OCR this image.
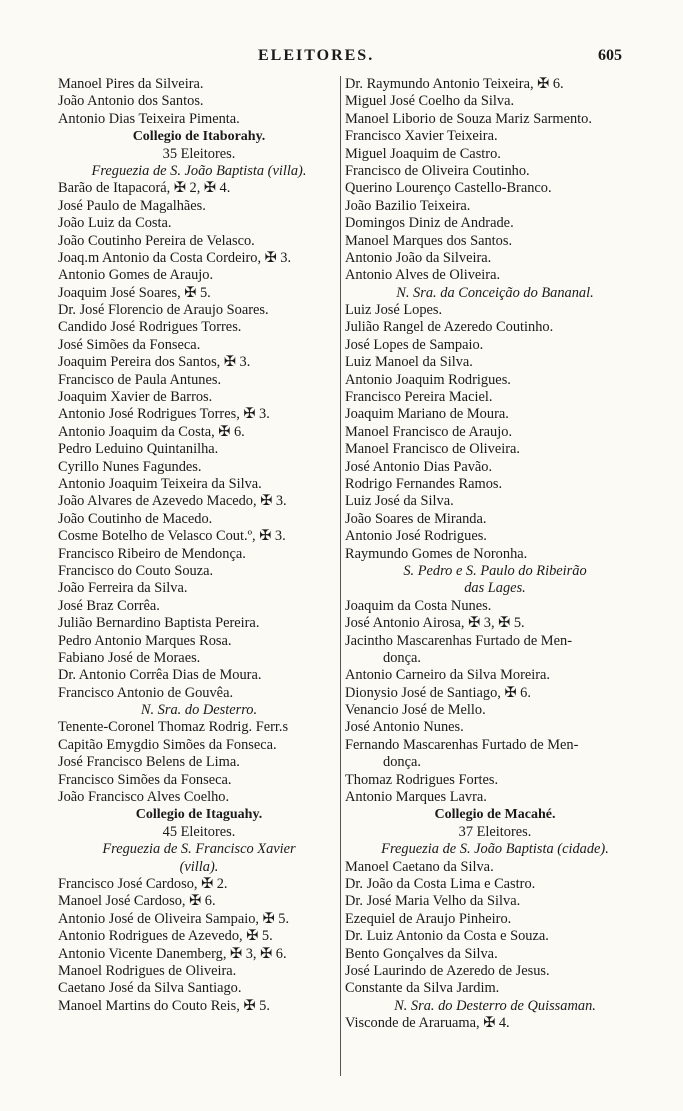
ELEITORES.	605
Manoel Pires da Silveira.
João Antonio dos Santos.
Antonio Dias Teixeira Pimenta.
Collegio de Itaborahy.
35 Eleitores.
Freguezia de S. João Baptista (villa).
Barão de Itapacorá, ✠ 2, ✠ 4.
José Paulo de Magalhães.
João Luiz da Costa.
João Coutinho Pereira de Velasco.
Joaq.m Antonio da Costa Cordeiro, ✠ 3.
Antonio Gomes de Araujo.
Joaquim José Soares, ✠ 5.
Dr. José Florencio de Araujo Soares.
Candido José Rodrigues Torres.
José Simões da Fonseca.
Joaquim Pereira dos Santos, ✠ 3.
Francisco de Paula Antunes.
Joaquim Xavier de Barros.
Antonio José Rodrigues Torres, ✠ 3.
Antonio Joaquim da Costa, ✠ 6.
Pedro Leduino Quintanilha.
Cyrillo Nunes Fagundes.
Antonio Joaquim Teixeira da Silva.
João Alvares de Azevedo Macedo, ✠ 3.
João Coutinho de Macedo.
Cosme Botelho de Velasco Cout.º, ✠ 3.
Francisco Ribeiro de Mendonça.
Francisco do Couto Souza.
João Ferreira da Silva.
José Braz Corrêa.
Julião Bernardino Baptista Pereira.
Pedro Antonio Marques Rosa.
Fabiano José de Moraes.
Dr. Antonio Corrêa Dias de Moura.
Francisco Antonio de Gouvêa.
N. Sra. do Desterro.
Tenente-Coronel Thomaz Rodrig. Ferr.s
Capitão Emygdio Simões da Fonseca.
José Francisco Belens de Lima.
Francisco Simões da Fonseca.
João Francisco Alves Coelho.
Collegio de Itaguahy.
45 Eleitores.
Freguezia de S. Francisco Xavier
(villa).
Francisco José Cardoso, ✠ 2.
Manoel José Cardoso, ✠ 6.
Antonio José de Oliveira Sampaio, ✠ 5.
Antonio Rodrigues de Azevedo, ✠ 5.
Antonio Vicente Danemberg, ✠ 3, ✠ 6.
Manoel Rodrigues de Oliveira.
Caetano José da Silva Santiago.
Manoel Martins do Couto Reis, ✠ 5.
Dr. Raymundo Antonio Teixeira, ✠ 6.
Miguel José Coelho da Silva.
Manoel Liborio de Souza Mariz Sarmento.
Francisco Xavier Teixeira.
Miguel Joaquim de Castro.
Francisco de Oliveira Coutinho.
Querino Lourenço Castello-Branco.
João Bazilio Teixeira.
Domingos Diniz de Andrade.
Manoel Marques dos Santos.
Antonio João da Silveira.
Antonio Alves de Oliveira.
N. Sra. da Conceição do Bananal.
Luiz José Lopes.
Julião Rangel de Azeredo Coutinho.
José Lopes de Sampaio.
Luiz Manoel da Silva.
Antonio Joaquim Rodrigues.
Francisco Pereira Maciel.
Joaquim Mariano de Moura.
Manoel Francisco de Araujo.
Manoel Francisco de Oliveira.
José Antonio Dias Pavão.
Rodrigo Fernandes Ramos.
Luiz José da Silva.
João Soares de Miranda.
Antonio José Rodrigues.
Raymundo Gomes de Noronha.
S. Pedro e S. Paulo do Ribeirão
das Lages.
Joaquim da Costa Nunes.
José Antonio Airosa, ✠ 3, ✠ 5.
Jacintho Mascarenhas Furtado de Men-
donça.
Antonio Carneiro da Silva Moreira.
Dionysio José de Santiago, ✠ 6.
Venancio José de Mello.
José Antonio Nunes.
Fernando Mascarenhas Furtado de Men-
donça.
Thomaz Rodrigues Fortes.
Antonio Marques Lavra.
Collegio de Macahé.
37 Eleitores.
Freguezia de S. João Baptista (cidade).
Manoel Caetano da Silva.
Dr. João da Costa Lima e Castro.
Dr. José Maria Velho da Silva.
Ezequiel de Araujo Pinheiro.
Dr. Luiz Antonio da Costa e Souza.
Bento Gonçalves da Silva.
José Laurindo de Azeredo de Jesus.
Constante da Silva Jardim.
N. Sra. do Desterro de Quissaman.
Visconde de Araruama, ✠ 4.
